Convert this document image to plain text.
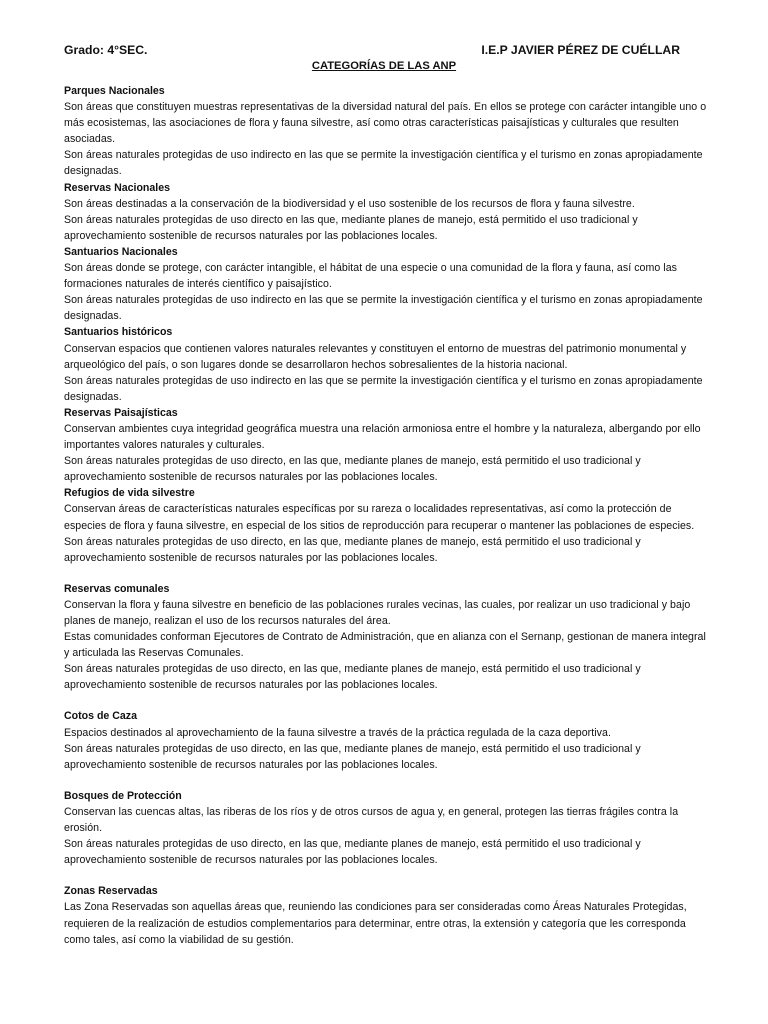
Grado: 4°SEC.	I.E.P JAVIER PÉREZ DE CUÉLLAR
CATEGORÍAS DE LAS ANP

Parques Nacionales

Son áreas que constituyen muestras representativas de la diversidad natural del país. En ellos se protege con carácter intangible uno o más ecosistemas, las asociaciones de flora y fauna silvestre, así como otras características paisajísticas y culturales que resulten asociadas.

Son áreas naturales protegidas de uso indirecto en las que se permite la investigación científica y el turismo en zonas apropiadamente designadas.

Reservas Nacionales

Son áreas destinadas a la conservación de la biodiversidad y el uso sostenible de los recursos de flora y fauna silvestre.

Son áreas naturales protegidas de uso directo en las que, mediante planes de manejo, está permitido el uso tradicional y aprovechamiento sostenible de recursos naturales por las poblaciones locales.

Santuarios Nacionales

Son áreas donde se protege, con carácter intangible, el hábitat de una especie o una comunidad de la flora y fauna, así como las formaciones naturales de interés científico y paisajístico.

Son áreas naturales protegidas de uso indirecto en las que se permite la investigación científica y el turismo en zonas apropiadamente designadas.

Santuarios históricos

Conservan espacios que contienen valores naturales relevantes y constituyen el entorno de muestras del patrimonio monumental y arqueológico del país, o son lugares donde se desarrollaron hechos sobresalientes de la historia nacional.

Son áreas naturales protegidas de uso indirecto en las que se permite la investigación científica y el turismo en zonas apropiadamente designadas.

Reservas Paisajísticas

Conservan ambientes cuya integridad geográfica muestra una relación armoniosa entre el hombre y la naturaleza, albergando por ello importantes valores naturales y culturales.

Son áreas naturales protegidas de uso directo, en las que, mediante planes de manejo, está permitido el uso tradicional y aprovechamiento sostenible de recursos naturales por las poblaciones locales.

Refugios de vida silvestre

Conservan áreas de características naturales específicas por su rareza o localidades representativas, así como la protección de especies de flora y fauna silvestre, en especial de los sitios de reproducción para recuperar o mantener las poblaciones de especies.

Son áreas naturales protegidas de uso directo, en las que, mediante planes de manejo, está permitido el uso tradicional y aprovechamiento sostenible de recursos naturales por las poblaciones locales.

Reservas comunales

Conservan la flora y fauna silvestre en beneficio de las poblaciones rurales vecinas, las cuales, por realizar un uso tradicional y bajo planes de manejo, realizan el uso de los recursos naturales del área.

Estas comunidades conforman Ejecutores de Contrato de Administración, que en alianza con el Sernanp, gestionan de manera integral y articulada las Reservas Comunales.

Son áreas naturales protegidas de uso directo, en las que, mediante planes de manejo, está permitido el uso tradicional y aprovechamiento sostenible de recursos naturales por las poblaciones locales.

Cotos de Caza

Espacios destinados al aprovechamiento de la fauna silvestre a través de la práctica regulada de la caza deportiva.

Son áreas naturales protegidas de uso directo, en las que, mediante planes de manejo, está permitido el uso tradicional y aprovechamiento sostenible de recursos naturales por las poblaciones locales.

Bosques de Protección

Conservan las cuencas altas, las riberas de los ríos y de otros cursos de agua y, en general, protegen las tierras frágiles contra la erosión.

Son áreas naturales protegidas de uso directo, en las que, mediante planes de manejo, está permitido el uso tradicional y aprovechamiento sostenible de recursos naturales por las poblaciones locales.

Zonas Reservadas

Las Zona Reservadas son aquellas áreas que, reuniendo las condiciones para ser consideradas como Áreas Naturales Protegidas, requieren de la realización de estudios complementarios para determinar, entre otras, la extensión y categoría que les corresponda como tales, así como la viabilidad de su gestión.
